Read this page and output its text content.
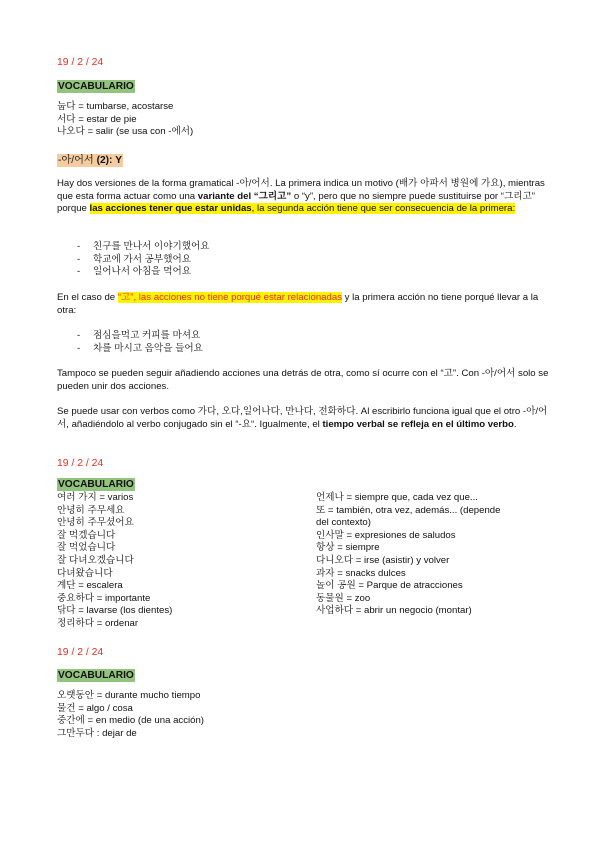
19 / 2 / 24
VOCABULARIO
눕다 = tumbarse, acostarse
서다 = estar de pie
나오다 = salir (se usa con -에서)
-아/어서 (2): Y
Hay dos versiones de la forma gramatical -아/어서. La primera indica un motivo (배가 아파서 병원에 가요), mientras que esta forma actuar como una variante del “그리고” o “y”, pero que no siempre puede sustituirse por “그리고” porque las acciones tener que estar unidas, la segunda acción tiene que ser consecuencia de la primera:
- 친구를 만나서 이야기했어요
- 학교에 가서 공부했어요
- 일어나서 아침을 먹어요
En el caso de “고”, las acciones no tiene porqué estar relacionadas y la primera acción no tiene porqué llevar a la otra:
- 점심을먹고 커피를 마셔요
- 차를 마시고 음악을 들어요
Tampoco se pueden seguir añadiendo acciones una detrás de otra, como sí ocurre con el “고”. Con -아/어서 solo se pueden unir dos acciones.
Se puede usar con verbos como 가다, 오다,일어나다, 만나다, 전화하다. Al escribirlo funciona igual que el otro -아/어서, añadiéndolo al verbo conjugado sin el “-요“. Igualmente, el tiempo verbal se refleja en el último verbo.
19 / 2 / 24
VOCABULARIO
여러 가지 = varios
안녕히 주무세요
안녕히 주무셨어요
잘 먹겠습니다
잘 먹었습니다
잘 다녀오겠습니다
다녀왔습니다
계단 = escalera
중요하다 = importante
닦다 = lavarse (los dientes)
정리하다 = ordenar
언제나 = siempre que, cada vez que...
또 = también, otra vez, además... (depende
del contexto)
인사말 = expresiones de saludos
항상 = siempre
다니오다 = irse (asistir) y volver
과자 = snacks dulces
놀이 공원 = Parque de atracciones
동물원 = zoo
사업하다 = abrir un negocio (montar)
19 / 2 / 24
VOCABULARIO
오랫동안 = durante mucho tiempo
물건 = algo / cosa
중간에 = en medio (de una acción)
그만두다 : dejar de
